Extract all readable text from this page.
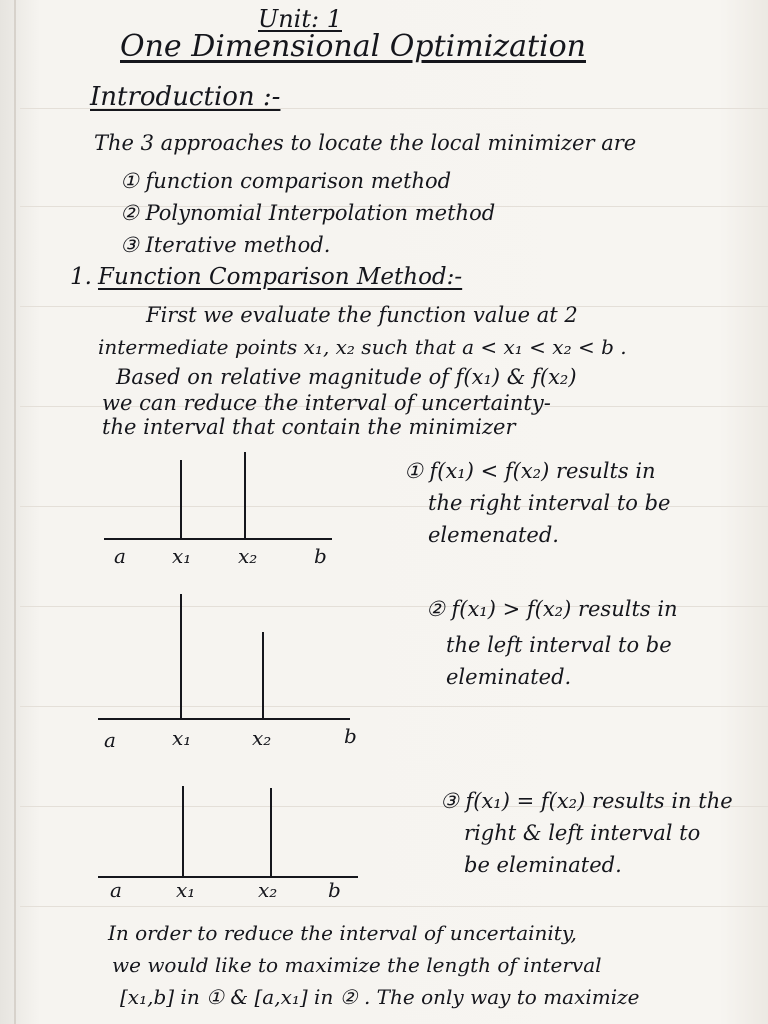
Unit: 1
One Dimensional Optimization
Introduction :-
The 3 approaches to locate the local minimizer are
① function comparison method
② Polynomial Interpolation method
③ Iterative method.
1. Function Comparison Method:-
First we evaluate the function value at 2
intermediate points x₁, x₂ such that a < x₁ < x₂ < b .
Based on relative magnitude of f(x₁) & f(x₂)
we can reduce the interval of uncertainty-
the interval that contain the minimizer
a x₁ x₂	b
① f(x₁) < f(x₂) results in
the right interval to be
elemenated.
a	x₁	x₂	b
② f(x₁) > f(x₂) results in
the left interval to be
eleminated.
a	x₁	x₂	b
③ f(x₁) = f(x₂) results in the
right & left interval to
be eleminated.
In order to reduce the interval of uncertainity,
we would like to maximize the length of interval
[x₁,b] in ① & [a,x₁] in ② . The only way to maximize
